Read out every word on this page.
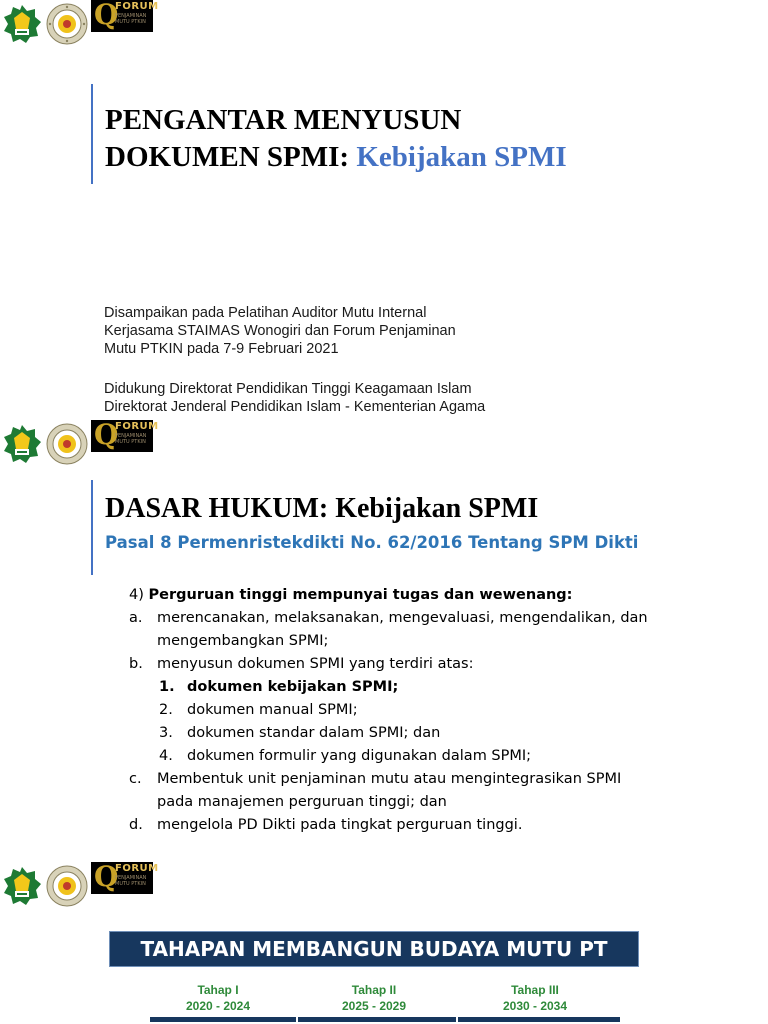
Q
FORUM
PENJAMINAN MUTU PTKIN
PENGANTAR MENYUSUN
DOKUMEN SPMI: Kebijakan SPMI
Disampaikan pada Pelatihan Auditor Mutu Internal
Kerjasama STAIMAS Wonogiri dan Forum Penjaminan
Mutu PTKIN pada 7-9 Februari 2021
Didukung Direktorat Pendidikan Tinggi Keagamaan Islam
Direktorat Jenderal Pendidikan Islam - Kementerian Agama
Q
FORUM
PENJAMINAN MUTU PTKIN
DASAR HUKUM: Kebijakan SPMI
Pasal 8 Permenristekdikti No. 62/2016 Tentang SPM Dikti
4) Perguruan tinggi mempunyai tugas dan wewenang:
a.	merencanakan, melaksanakan, mengevaluasi, mengendalikan, dan
mengembangkan SPMI;
b. menyusun dokumen SPMI yang terdiri atas:
1. dokumen kebijakan SPMI;
2. dokumen manual SPMI;
3. dokumen standar dalam SPMI; dan
4. dokumen formulir yang digunakan dalam SPMI;
c.	Membentuk unit penjaminan mutu atau mengintegrasikan SPMI
pada manajemen perguruan tinggi; dan
d. mengelola PD Dikti pada tingkat perguruan tinggi.
Q
FORUM
PENJAMINAN MUTU PTKIN
TAHAPAN MEMBANGUN BUDAYA MUTU PT
Tahap I
2020 - 2024
Tahap II
2025 - 2029
Tahap III
2030 - 2034
